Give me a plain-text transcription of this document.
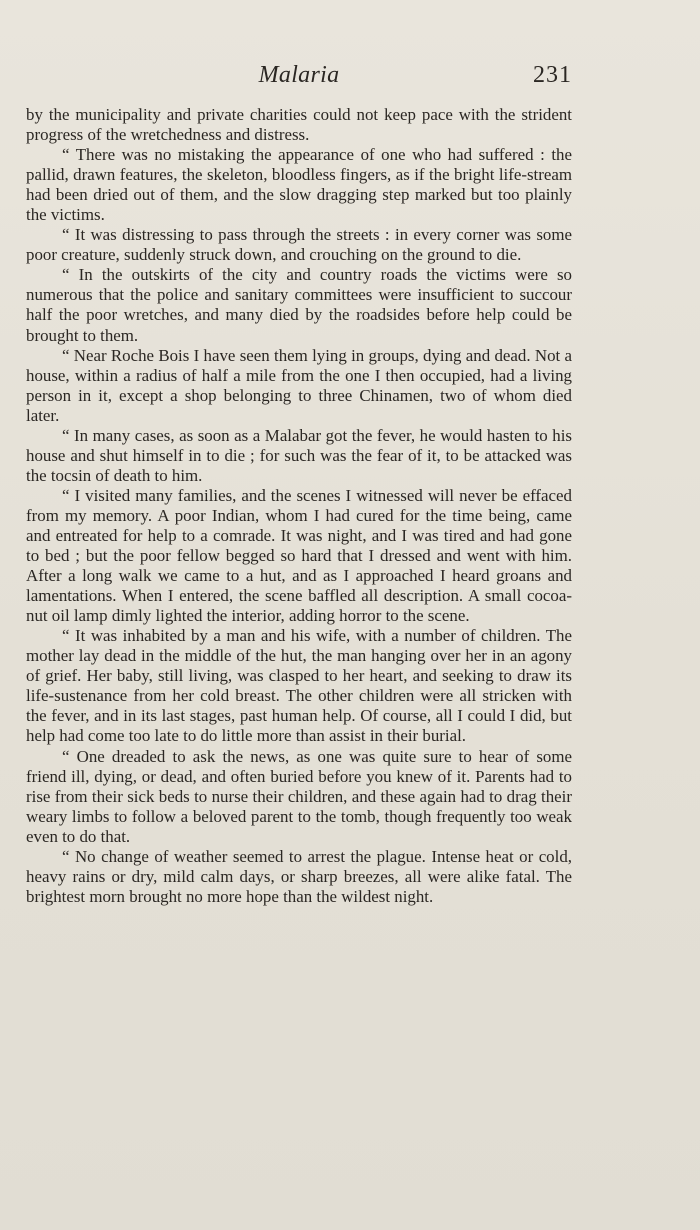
Malaria	231

by the municipality and private charities could not keep pace with the strident progress of the wretchedness and distress.

“ There was no mistaking the appearance of one who had suffered : the pallid, drawn features, the skeleton, bloodless fingers, as if the bright life-stream had been dried out of them, and the slow dragging step marked but too plainly the victims.

“ It was distressing to pass through the streets : in every corner was some poor creature, suddenly struck down, and crouching on the ground to die.

“ In the outskirts of the city and country roads the victims were so numerous that the police and sanitary committees were insufficient to succour half the poor wretches, and many died by the roadsides before help could be brought to them.

“ Near Roche Bois I have seen them lying in groups, dying and dead. Not a house, within a radius of half a mile from the one I then occupied, had a living person in it, except a shop belonging to three Chinamen, two of whom died later.

“ In many cases, as soon as a Malabar got the fever, he would hasten to his house and shut himself in to die ; for such was the fear of it, to be attacked was the tocsin of death to him.

“ I visited many families, and the scenes I witnessed will never be effaced from my memory. A poor Indian, whom I had cured for the time being, came and entreated for help to a comrade. It was night, and I was tired and had gone to bed ; but the poor fellow begged so hard that I dressed and went with him. After a long walk we came to a hut, and as I approached I heard groans and lamentations. When I entered, the scene baffled all description. A small cocoa-nut oil lamp dimly lighted the interior, adding horror to the scene.

“ It was inhabited by a man and his wife, with a number of children. The mother lay dead in the middle of the hut, the man hanging over her in an agony of grief. Her baby, still living, was clasped to her heart, and seeking to draw its life-sustenance from her cold breast. The other children were all stricken with the fever, and in its last stages, past human help. Of course, all I could I did, but help had come too late to do little more than assist in their burial.

“ One dreaded to ask the news, as one was quite sure to hear of some friend ill, dying, or dead, and often buried before you knew of it. Parents had to rise from their sick beds to nurse their children, and these again had to drag their weary limbs to follow a beloved parent to the tomb, though frequently too weak even to do that.

“ No change of weather seemed to arrest the plague. Intense heat or cold, heavy rains or dry, mild calm days, or sharp breezes, all were alike fatal. The brightest morn brought no more hope than the wildest night.
